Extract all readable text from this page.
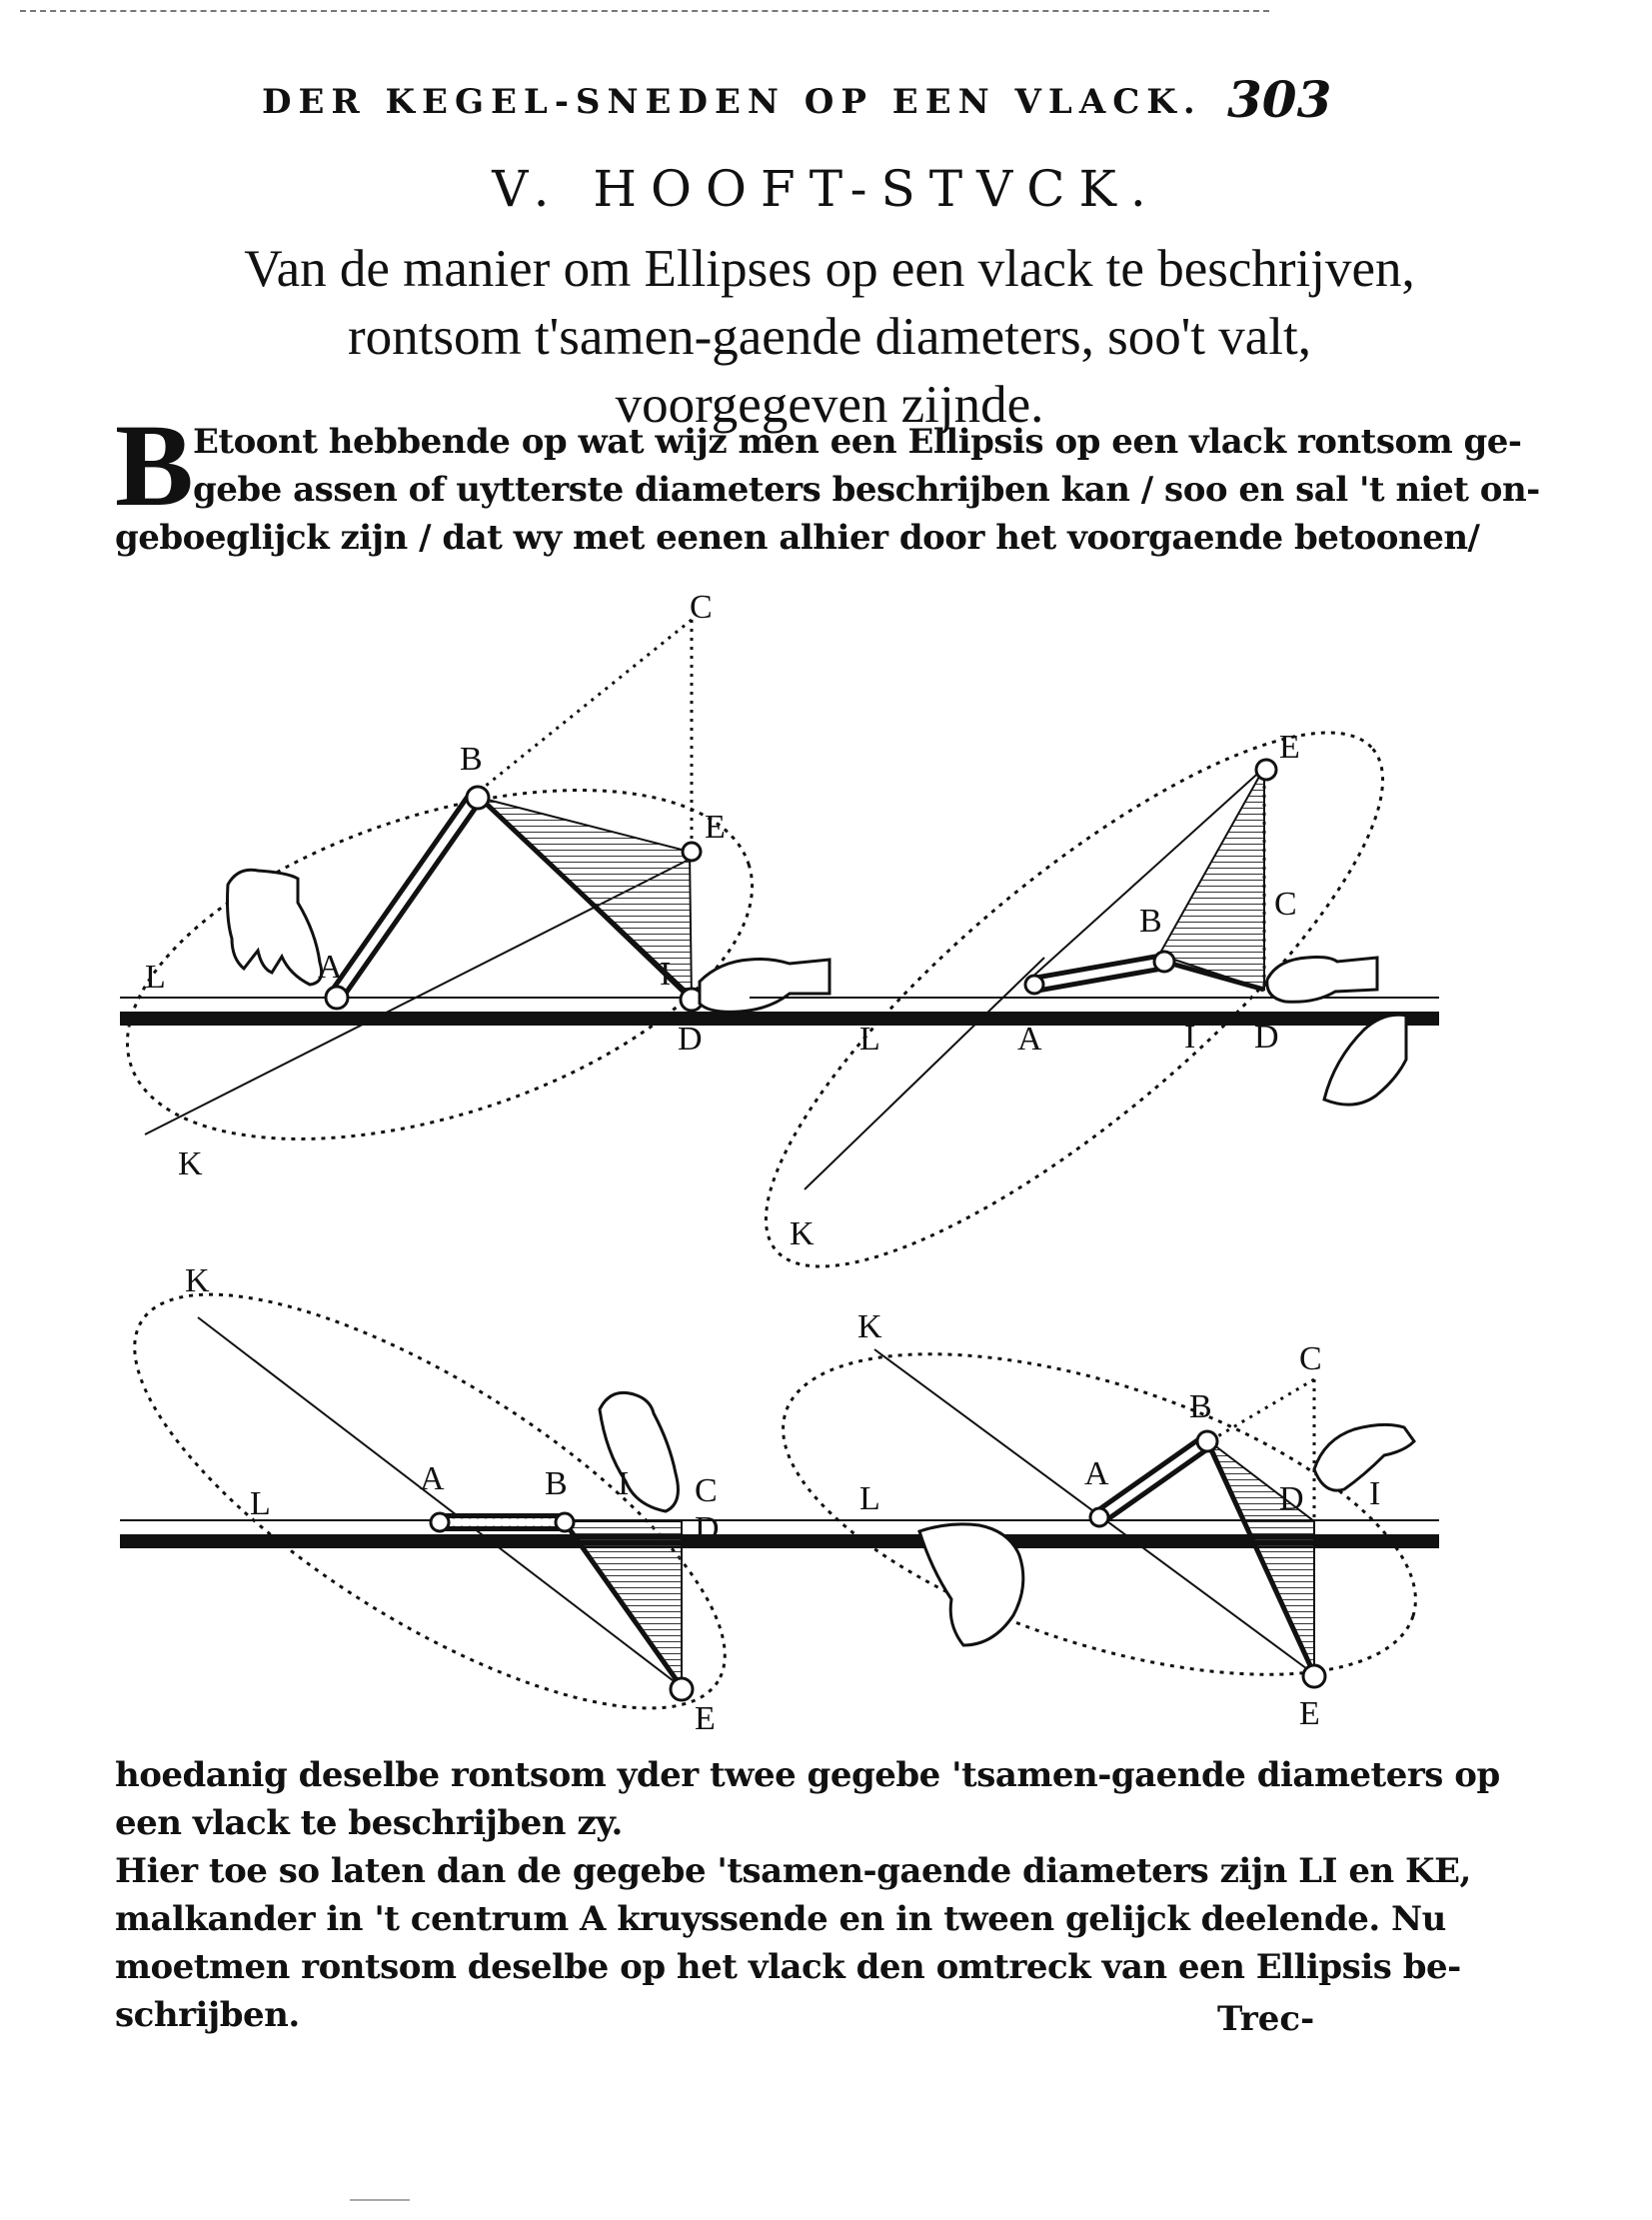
DER KEGEL-SNEDEN OP EEN VLACK. 303
V. HOOFT-STVCK.
Van de manier om Ellipses op een vlack te beschrijven,
rontsom t'samen-gaende diameters, soo't valt,
voorgegeven zijnde.
B Etoont hebbende op wat wijz men een Ellipsis op een vlack rontsom ge-
gebe assen of uytterste diameters beschrijben kan / soo en sal 't niet on-
geboeglijck zijn / dat wy met eenen alhier door het voorgaende betoonen/
C
B
E
L	A	I
D
K
E
C
B
L	A	I D
K
K
L
A	B I C
D
E
K
C
B
L
A
D I
E

hoedanig deselbe rontsom yder twee gegebe 'tsamen-gaende diameters op
een vlack te beschrijben zy.

Hier toe so laten dan de gegebe 'tsamen-gaende diameters zijn LI en KE,
malkander in 't centrum A kruyssende en in tween gelijck deelende. Nu
moetmen rontsom deselbe op het vlack den omtreck van een Ellipsis be-
schrijben.	Trec-
